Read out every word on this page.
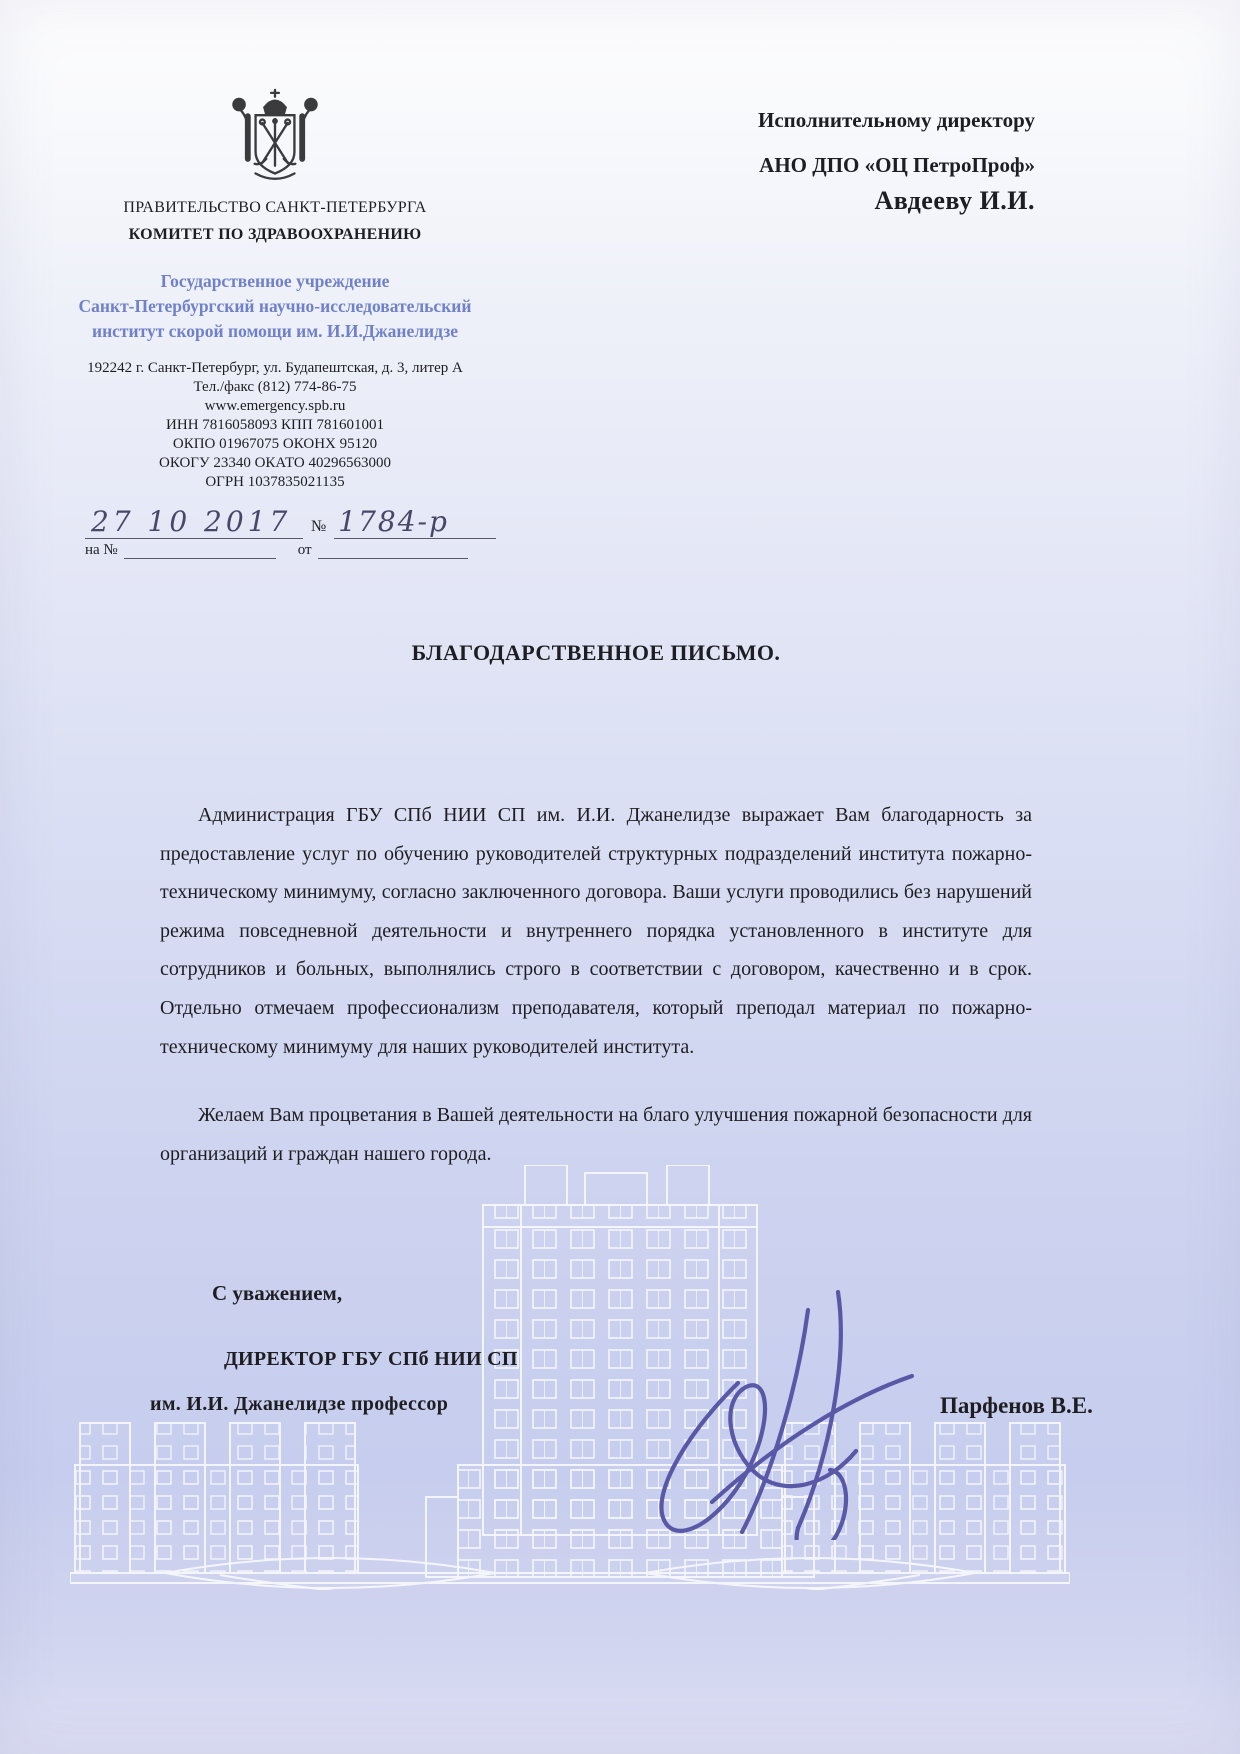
ПРАВИТЕЛЬСТВО САНКТ-ПЕТЕРБУРГА
КОМИТЕТ ПО ЗДРАВООХРАНЕНИЮ
Государственное учреждение
Санкт-Петербургский научно-исследовательский
институт скорой помощи им. И.И.Джанелидзе
192242 г. Санкт-Петербург, ул. Будапештская, д. 3, литер А
Тел./факс (812) 774-86-75
www.emergency.spb.ru
ИНН 7816058093 КПП 781601001
ОКПО 01967075 ОКОНХ 95120
ОКОГУ 23340 ОКАТО 40296563000
ОГРН 1037835021135
Исполнительному директору
АНО ДПО «ОЦ ПетроПроф»
Авдееву И.И.
27 10 2017	№ 1784-р
на №	от
БЛАГОДАРСТВЕННОЕ ПИСЬМО.

Администрация ГБУ СПб НИИ СП им. И.И. Джанелидзе выражает Вам благодарность за предоставление услуг по обучению руководителей структурных подразделений института пожарно- техническому минимуму, согласно заключенного договора. Ваши услуги проводились без нарушений режима повседневной деятельности и внутреннего порядка установленного в институте для сотрудников и больных, выполнялись строго в соответствии с договором, качественно и в срок. Отдельно отмечаем профессионализм преподавателя, который преподал материал по пожарно- техническому минимуму для наших руководителей института.

Желаем Вам процветания в Вашей деятельности на благо улучшения пожарной безопасности для организаций и граждан нашего города.

С уважением,
ДИРЕКТОР ГБУ СПб НИИ СП
им. И.И. Джанелидзе профессор	Парфенов В.Е.
